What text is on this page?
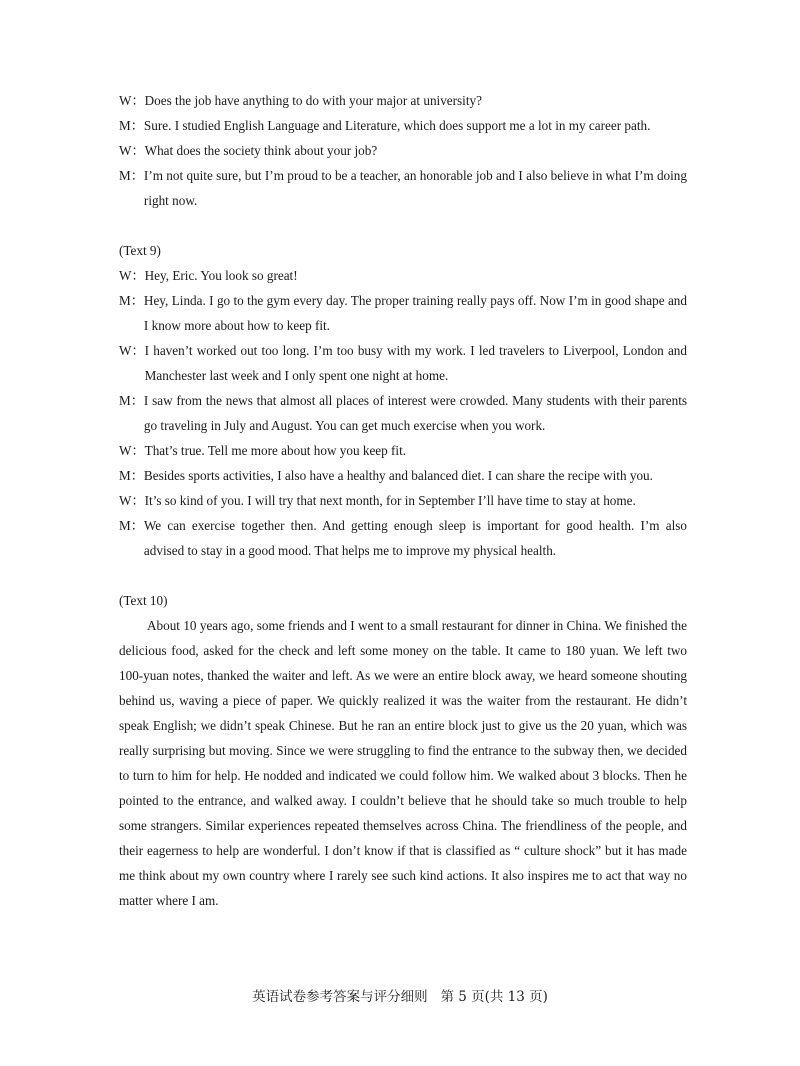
W： Does the job have anything to do with your major at university?
M： Sure. I studied English Language and Literature, which does support me a lot in my career path.
W： What does the society think about your job?
M： I’m not quite sure, but I’m proud to be a teacher, an honorable job and I also believe in what I’m doing right now.
(Text 9)
W： Hey, Eric. You look so great!
M： Hey, Linda. I go to the gym every day. The proper training really pays off. Now I’m in good shape and I know more about how to keep fit.
W： I haven’t worked out too long. I’m too busy with my work. I led travelers to Liverpool, London and Manchester last week and I only spent one night at home.
M： I saw from the news that almost all places of interest were crowded. Many students with their parents go traveling in July and August. You can get much exercise when you work.
W： That’s true. Tell me more about how you keep fit.
M： Besides sports activities, I also have a healthy and balanced diet. I can share the recipe with you.
W： It’s so kind of you. I will try that next month, for in September I’ll have time to stay at home.
M： We can exercise together then. And getting enough sleep is important for good health. I’m also advised to stay in a good mood. That helps me to improve my physical health.
(Text 10)
About 10 years ago, some friends and I went to a small restaurant for dinner in China. We finished the delicious food, asked for the check and left some money on the table. It came to 180 yuan. We left two 100-yuan notes, thanked the waiter and left. As we were an entire block away, we heard someone shouting behind us, waving a piece of paper. We quickly realized it was the waiter from the restaurant. He didn’t speak English; we didn’t speak Chinese. But he ran an entire block just to give us the 20 yuan, which was really surprising but moving. Since we were struggling to find the entrance to the subway then, we decided to turn to him for help. He nodded and indicated we could follow him. We walked about 3 blocks. Then he pointed to the entrance, and walked away. I couldn’t believe that he should take so much trouble to help some strangers. Similar experiences repeated themselves across China. The friendliness of the people, and their eagerness to help are wonderful. I don’t know if that is classified as “ culture shock” but it has made me think about my own country where I rarely see such kind actions. It also inspires me to act that way no matter where I am.
英语试卷参考答案与评分细则 第 5 页(共 13 页)
